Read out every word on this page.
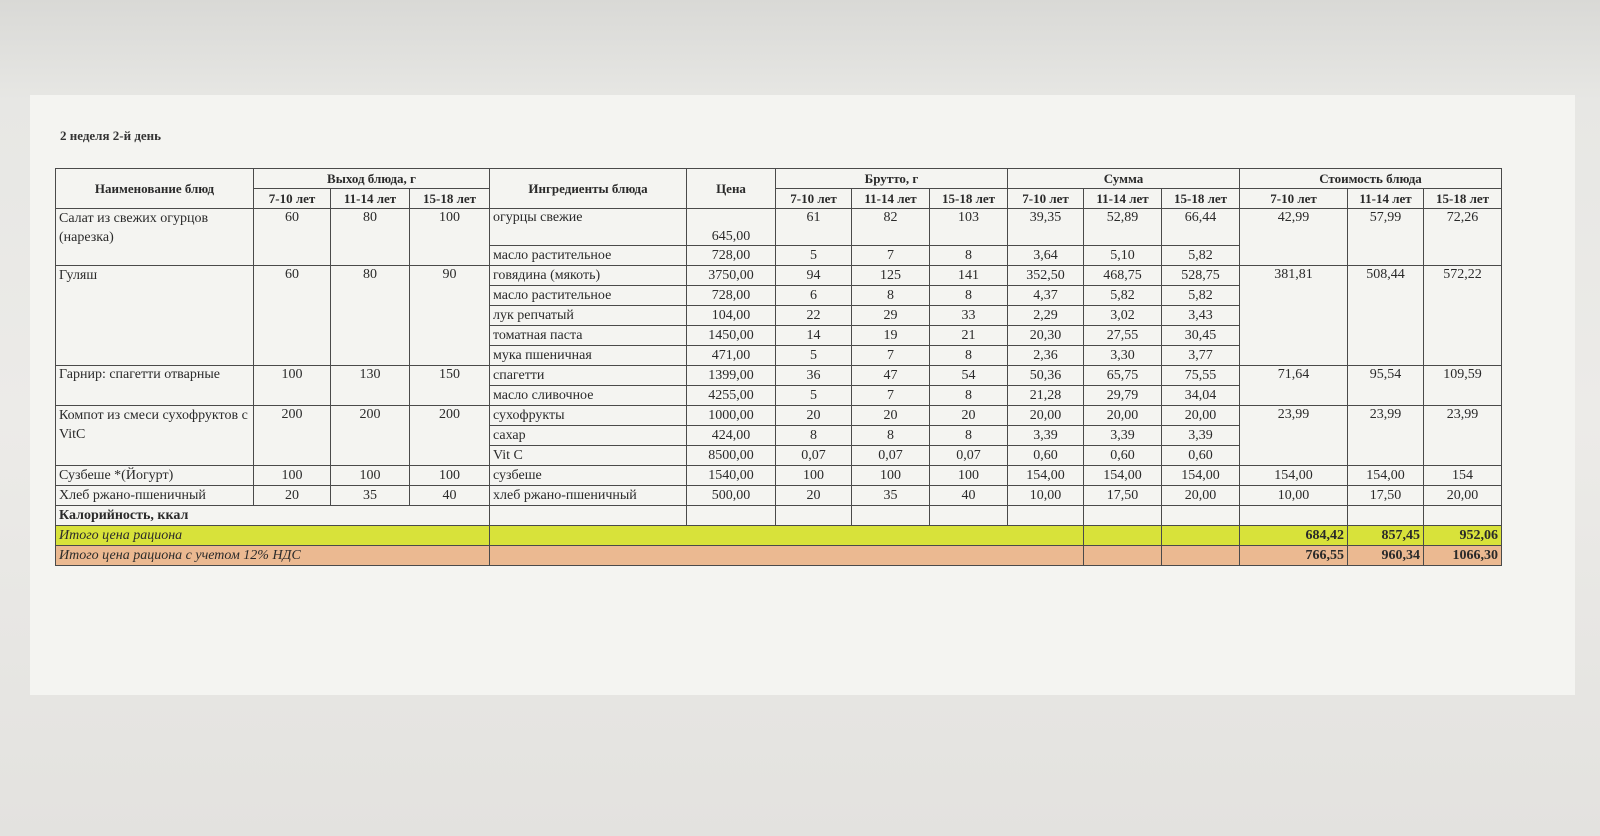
2 неделя 2-й день
Наименование блюд	Выход блюда, г			Ингредиенты блюда	Цена	Брутто, г			Сумма			Стоимость блюда		
	7-10 лет	11-14 лет	15-18 лет			7-10 лет	11-14 лет	15-18 лет	7-10 лет	11-14 лет	15-18 лет	7-10 лет	11-14 лет	15-18 лет
Салат из свежих огурцов (нарезка)	60	80	100	огурцы свежие	645,00	61	82	103	39,35	52,89	66,44	42,99	57,99	72,26
				масло растительное	728,00	5	7	8	3,64	5,10	5,82			
Гуляш	60	80	90	говядина (мякоть)	3750,00	94	125	141	352,50	468,75	528,75	381,81	508,44	572,22
				масло растительное	728,00	6	8	8	4,37	5,82	5,82			
				лук репчатый	104,00	22	29	33	2,29	3,02	3,43			
				томатная паста	1450,00	14	19	21	20,30	27,55	30,45			
				мука пшеничная	471,00	5	7	8	2,36	3,30	3,77			
Гарнир: спагетти отварные	100	130	150	спагетти	1399,00	36	47	54	50,36	65,75	75,55	71,64	95,54	109,59
				масло сливочное	4255,00	5	7	8	21,28	29,79	34,04			
Компот из смеси сухофруктов с VitC	200	200	200	сухофрукты	1000,00	20	20	20	20,00	20,00	20,00	23,99	23,99	23,99
				сахар	424,00	8	8	8	3,39	3,39	3,39			
				Vit C	8500,00	0,07	0,07	0,07	0,60	0,60	0,60			
Сузбеше *(Йогурт)	100	100	100	сузбеше	1540,00	100	100	100	154,00	154,00	154,00	154,00	154,00	154
Хлеб ржано-пшеничный	20	35	40	хлеб ржано-пшеничный	500,00	20	35	40	10,00	17,50	20,00	10,00	17,50	20,00
Калорийность, ккал														
Итого цена рациона												684,42	857,45	952,06
Итого цена рациона с учетом 12% НДС												766,55	960,34	1066,30
